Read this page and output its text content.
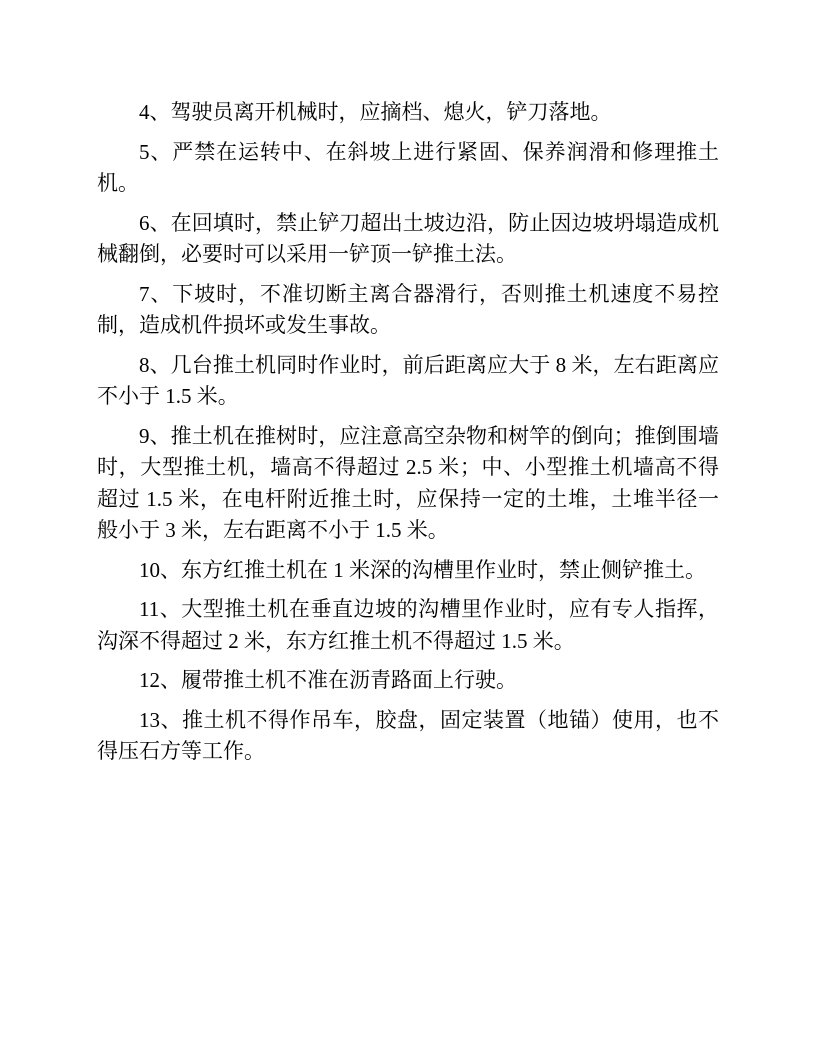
4、驾驶员离开机械时，应摘档、熄火，铲刀落地。

5、严禁在运转中、在斜坡上进行紧固、保养润滑和修理推土机。

6、在回填时，禁止铲刀超出土坡边沿，防止因边坡坍塌造成机械翻倒，必要时可以采用一铲顶一铲推土法。

7、下坡时，不准切断主离合器滑行，否则推土机速度不易控制，造成机件损坏或发生事故。

8、几台推土机同时作业时，前后距离应大于 8 米，左右距离应不小于 1.5 米。

9、推土机在推树时，应注意高空杂物和树竿的倒向；推倒围墙时，大型推土机，墙高不得超过 2.5 米；中、小型推土机墙高不得超过 1.5 米，在电杆附近推土时，应保持一定的土堆，土堆半径一般小于 3 米，左右距离不小于 1.5 米。

10、东方红推土机在 1 米深的沟槽里作业时，禁止侧铲推土。

11、大型推土机在垂直边坡的沟槽里作业时，应有专人指挥，沟深不得超过 2 米，东方红推土机不得超过 1.5 米。

12、履带推土机不准在沥青路面上行驶。

13、推土机不得作吊车，胶盘，固定装置（地锚）使用，也不得压石方等工作。
